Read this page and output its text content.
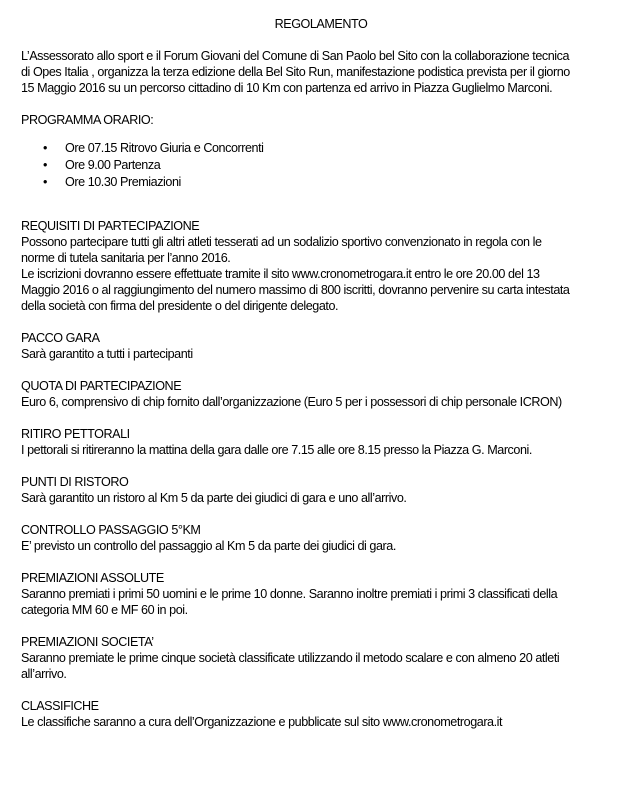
REGOLAMENTO
L’Assessorato allo sport e il Forum Giovani del Comune di San Paolo bel Sito con la collaborazione tecnica
di Opes Italia , organizza la terza edizione della Bel Sito Run, manifestazione podistica prevista per il giorno
15 Maggio 2016 su un percorso cittadino di 10 Km con partenza ed arrivo in Piazza Guglielmo Marconi.
PROGRAMMA ORARIO:
• Ore 07.15 Ritrovo Giuria e Concorrenti
• Ore 9.00 Partenza
• Ore 10.30 Premiazioni
REQUISITI DI PARTECIPAZIONE
Possono partecipare tutti gli altri atleti tesserati ad un sodalizio sportivo convenzionato in regola con le
norme di tutela sanitaria per l’anno 2016.
Le iscrizioni dovranno essere effettuate tramite il sito www.cronometrogara.it entro le ore 20.00 del 13
Maggio 2016 o al raggiungimento del numero massimo di 800 iscritti, dovranno pervenire su carta intestata
della società con firma del presidente o del dirigente delegato.
PACCO GARA
Sarà garantito a tutti i partecipanti
QUOTA DI PARTECIPAZIONE
Euro 6, comprensivo di chip fornito dall’organizzazione (Euro 5 per i possessori di chip personale ICRON)
RITIRO PETTORALI
I pettorali si ritireranno la mattina della gara dalle ore 7.15 alle ore 8.15 presso la Piazza G. Marconi.
PUNTI DI RISTORO
Sarà garantito un ristoro al Km 5 da parte dei giudici di gara e uno all’arrivo.
CONTROLLO PASSAGGIO 5°KM
E’ previsto un controllo del passaggio al Km 5 da parte dei giudici di gara.
PREMIAZIONI ASSOLUTE
Saranno premiati i primi 50 uomini e le prime 10 donne. Saranno inoltre premiati i primi 3 classificati della
categoria MM 60 e MF 60 in poi.
PREMIAZIONI SOCIETA’
Saranno premiate le prime cinque società classificate utilizzando il metodo scalare e con almeno 20 atleti
all’arrivo.
CLASSIFICHE
Le classifiche saranno a cura dell’Organizzazione e pubblicate sul sito www.cronometrogara.it
